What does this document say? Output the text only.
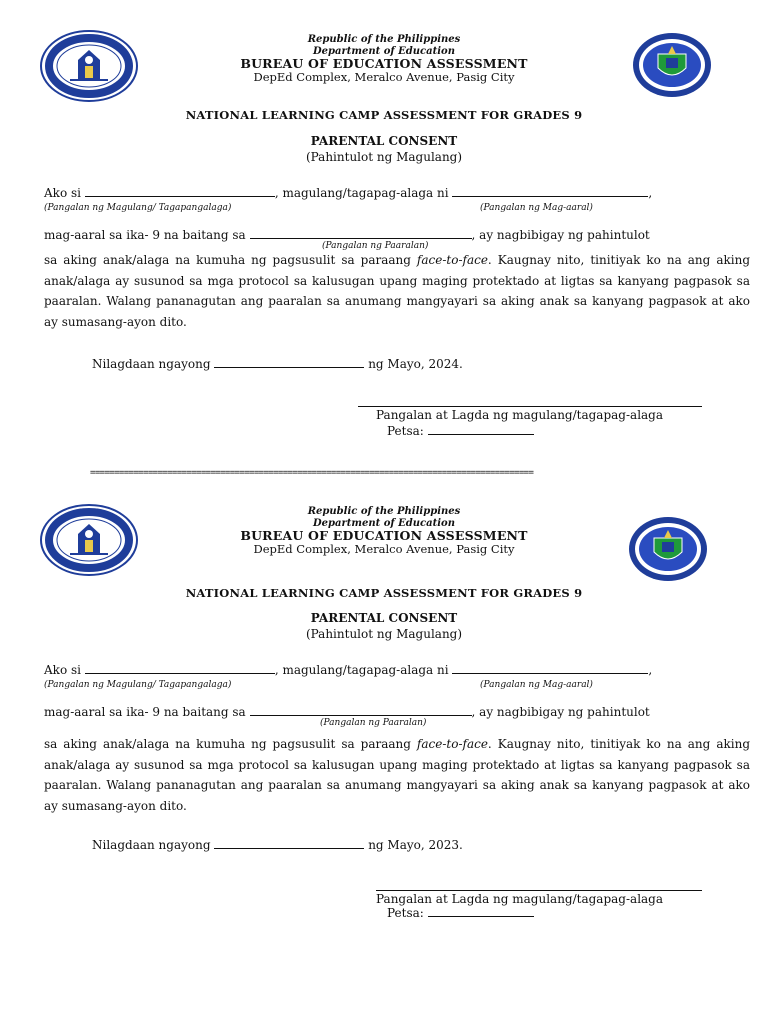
Republic of the Philippines
Department of Education
BUREAU OF EDUCATION ASSESSMENT
DepEd Complex, Meralco Avenue, Pasig City
NATIONAL LEARNING CAMP ASSESSMENT FOR GRADES 9
PARENTAL CONSENT
(Pahintulot ng Magulang)
Ako si	, magulang/tagapag-alaga ni	,
(Pangalan ng Magulang/ Tagapangalaga)	(Pangalan ng Mag-aaral)
mag-aaral sa ika- 9 na baitang sa	, ay nagbibigay ng pahintulot
(Pangalan ng Paaralan)
sa aking anak/alaga na kumuha ng pagsusulit sa paraang face-to-face. Kaugnay nito, tinitiyak ko na ang aking anak/alaga ay susunod sa mga protocol sa kalusugan upang maging protektado at ligtas sa kanyang pagpasok sa paaralan. Walang pananagutan ang paaralan sa anumang mangyayari sa aking anak sa kanyang pagpasok at ako ay sumasang-ayon dito.
Nilagdaan ngayong	ng Mayo, 2024.
Pangalan at Lagda ng magulang/tagapag-alaga
Petsa:
============================================================================================
Republic of the Philippines
Department of Education
BUREAU OF EDUCATION ASSESSMENT
DepEd Complex, Meralco Avenue, Pasig City
NATIONAL LEARNING CAMP ASSESSMENT FOR GRADES 9
PARENTAL CONSENT
(Pahintulot ng Magulang)
Ako si	, magulang/tagapag-alaga ni	,
(Pangalan ng Magulang/ Tagapangalaga)	(Pangalan ng Mag-aaral)
mag-aaral sa ika- 9 na baitang sa	, ay nagbibigay ng pahintulot
(Pangalan ng Paaralan)
sa aking anak/alaga na kumuha ng pagsusulit sa paraang face-to-face. Kaugnay nito, tinitiyak ko na ang aking anak/alaga ay susunod sa mga protocol sa kalusugan upang maging protektado at ligtas sa kanyang pagpasok sa paaralan. Walang pananagutan ang paaralan sa anumang mangyayari sa aking anak sa kanyang pagpasok at ako ay sumasang-ayon dito.
Nilagdaan ngayong	ng Mayo, 2023.
Pangalan at Lagda ng magulang/tagapag-alaga
Petsa:
